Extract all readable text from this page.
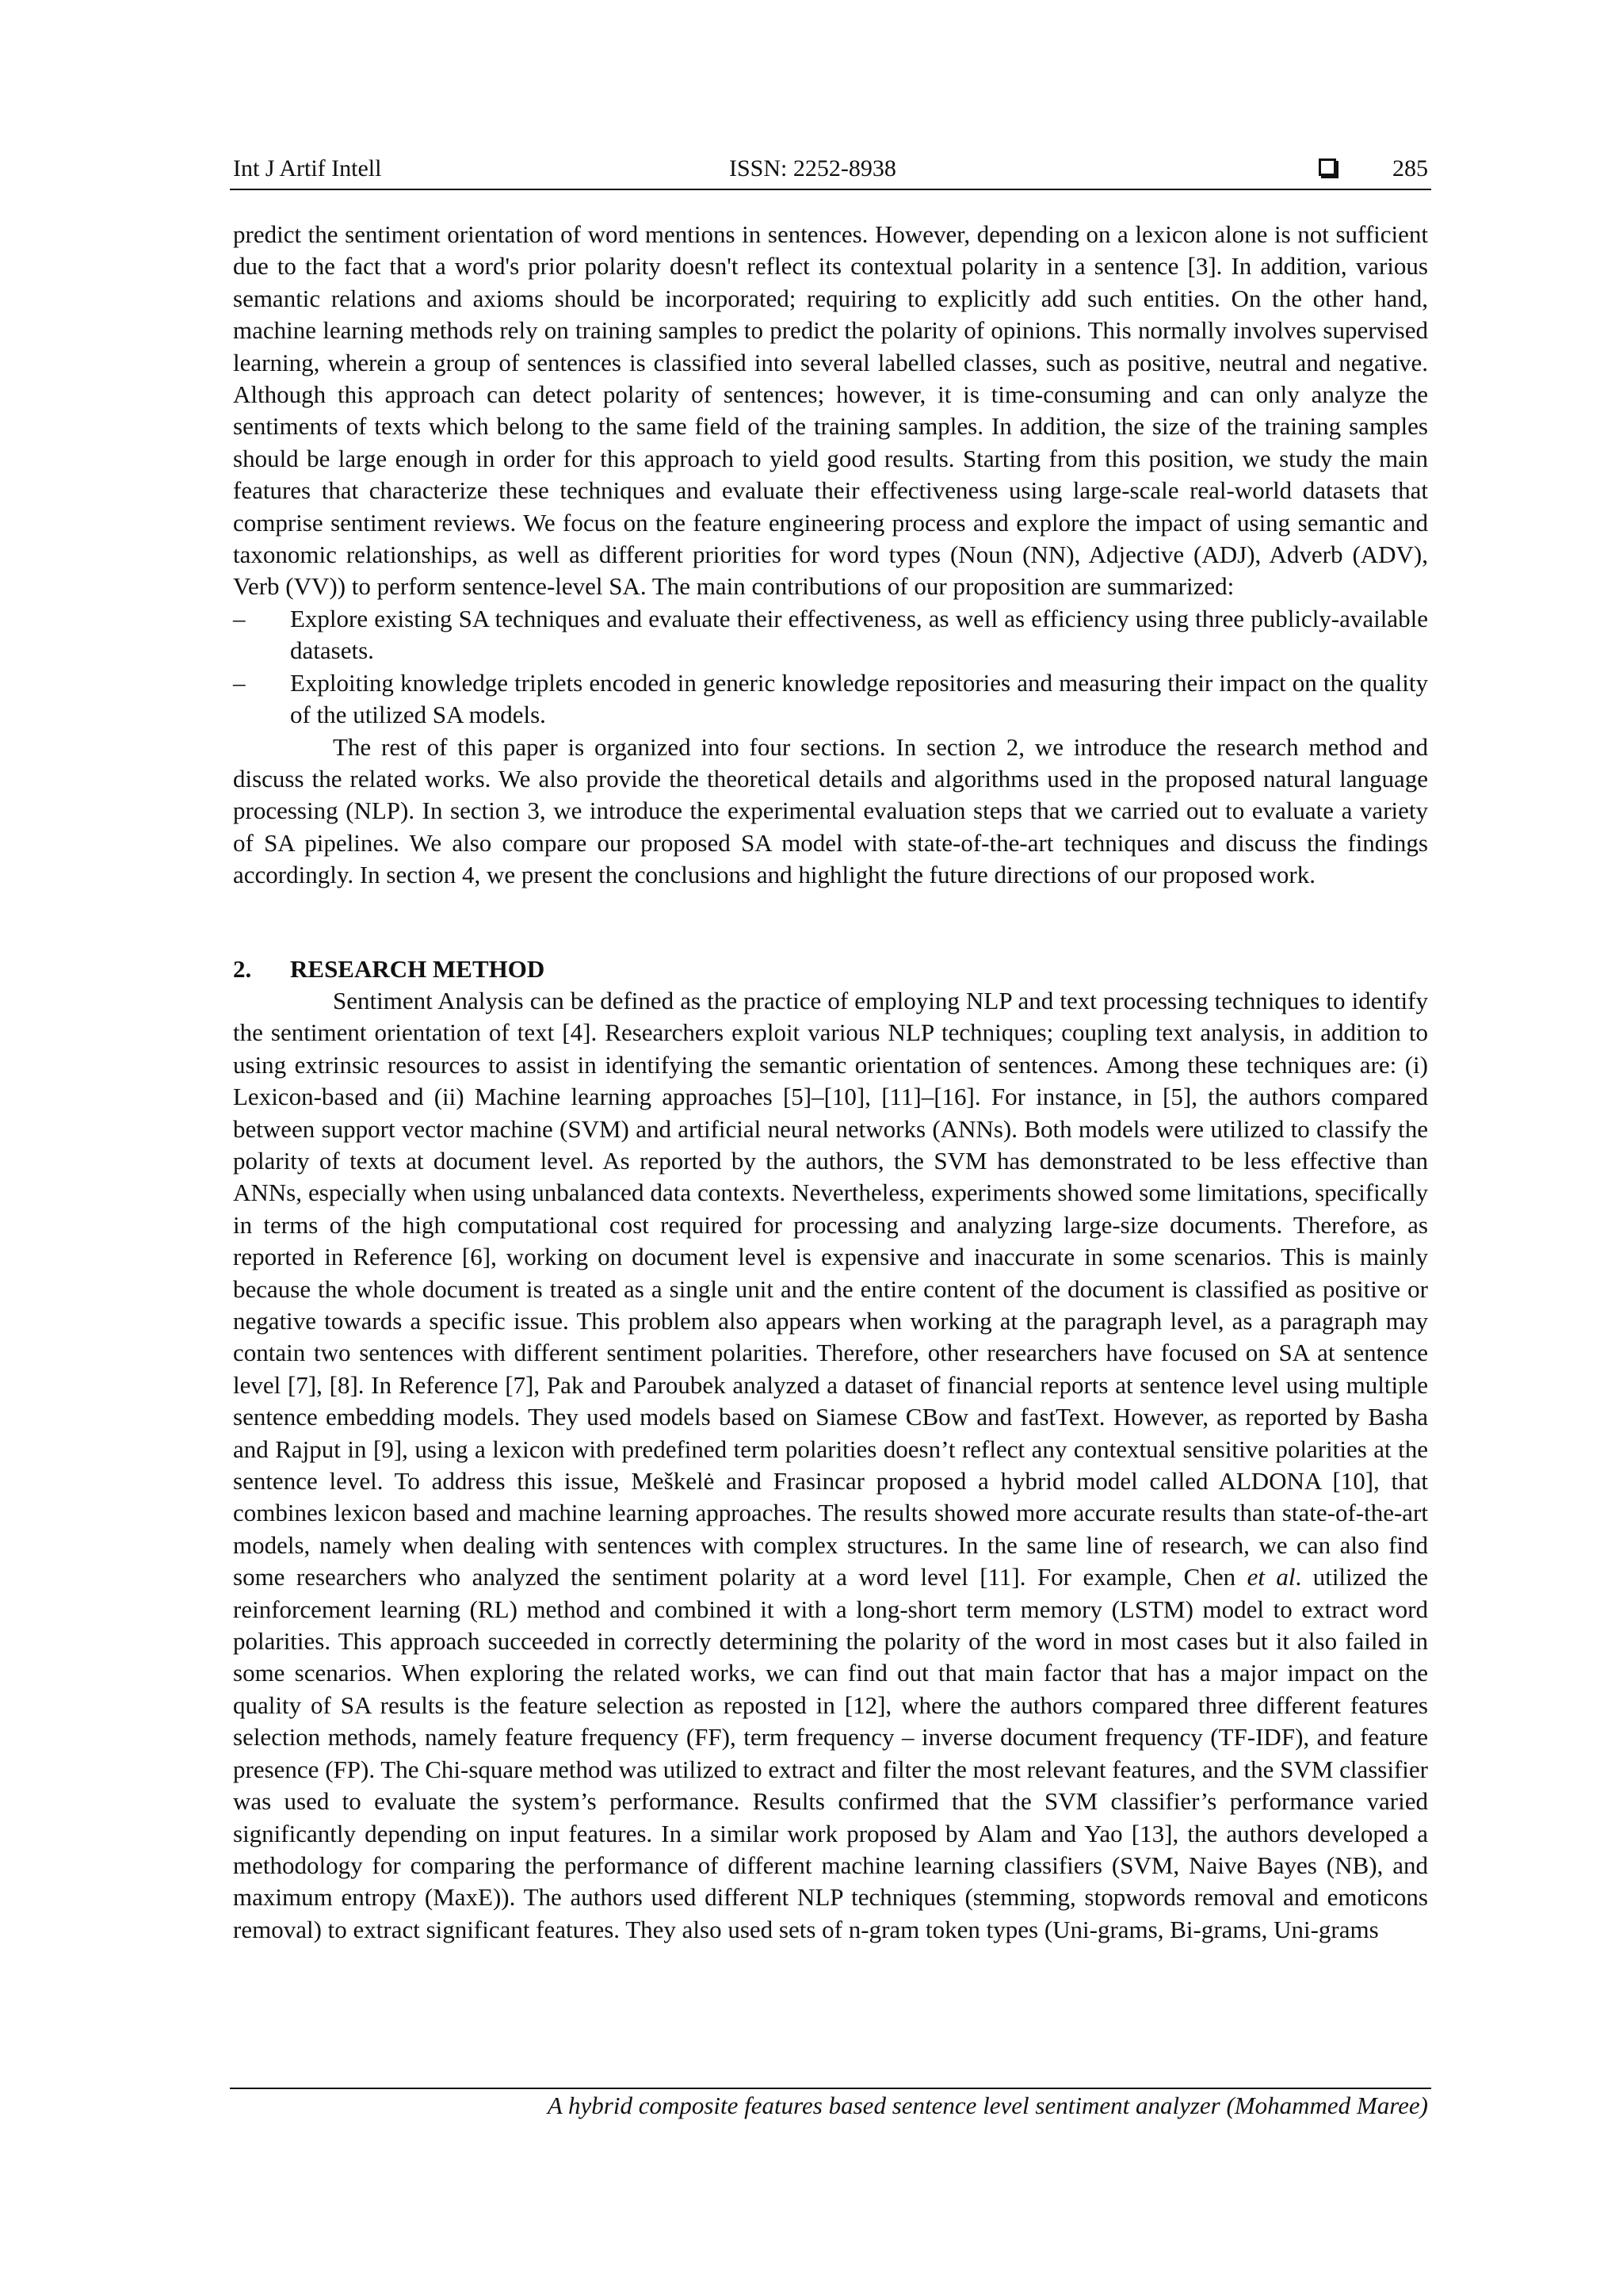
Int J Artif Intell	ISSN: 2252-8938	285

predict the sentiment orientation of word mentions in sentences. However, depending on a lexicon alone is not sufficient due to the fact that a word's prior polarity doesn't reflect its contextual polarity in a sentence [3]. In addition, various semantic relations and axioms should be incorporated; requiring to explicitly add such entities. On the other hand, machine learning methods rely on training samples to predict the polarity of opinions. This normally involves supervised learning, wherein a group of sentences is classified into several labelled classes, such as positive, neutral and negative. Although this approach can detect polarity of sentences; however, it is time-consuming and can only analyze the sentiments of texts which belong to the same field of the training samples. In addition, the size of the training samples should be large enough in order for this approach to yield good results. Starting from this position, we study the main features that characterize these techniques and evaluate their effectiveness using large-scale real-world datasets that comprise sentiment reviews. We focus on the feature engineering process and explore the impact of using semantic and taxonomic relationships, as well as different priorities for word types (Noun (NN), Adjective (ADJ), Adverb (ADV), Verb (VV)) to perform sentence-level SA. The main contributions of our proposition are summarized:

– Explore existing SA techniques and evaluate their effectiveness, as well as efficiency using three publicly-available datasets.
– Exploiting knowledge triplets encoded in generic knowledge repositories and measuring their impact on the quality of the utilized SA models.

The rest of this paper is organized into four sections. In section 2, we introduce the research method and discuss the related works. We also provide the theoretical details and algorithms used in the proposed natural language processing (NLP). In section 3, we introduce the experimental evaluation steps that we carried out to evaluate a variety of SA pipelines. We also compare our proposed SA model with state-of-the-art techniques and discuss the findings accordingly. In section 4, we present the conclusions and highlight the future directions of our proposed work.

2. RESEARCH METHOD

Sentiment Analysis can be defined as the practice of employing NLP and text processing techniques to identify the sentiment orientation of text [4]. Researchers exploit various NLP techniques; coupling text analysis, in addition to using extrinsic resources to assist in identifying the semantic orientation of sentences. Among these techniques are: (i) Lexicon-based and (ii) Machine learning approaches [5]–[10], [11]–[16]. For instance, in [5], the authors compared between support vector machine (SVM) and artificial neural networks (ANNs). Both models were utilized to classify the polarity of texts at document level. As reported by the authors, the SVM has demonstrated to be less effective than ANNs, especially when using unbalanced data contexts. Nevertheless, experiments showed some limitations, specifically in terms of the high computational cost required for processing and analyzing large-size documents. Therefore, as reported in Reference [6], working on document level is expensive and inaccurate in some scenarios. This is mainly because the whole document is treated as a single unit and the entire content of the document is classified as positive or negative towards a specific issue. This problem also appears when working at the paragraph level, as a paragraph may contain two sentences with different sentiment polarities. Therefore, other researchers have focused on SA at sentence level [7], [8]. In Reference [7], Pak and Paroubek analyzed a dataset of financial reports at sentence level using multiple sentence embedding models. They used models based on Siamese CBow and fastText. However, as reported by Basha and Rajput in [9], using a lexicon with predefined term polarities doesn’t reflect any contextual sensitive polarities at the sentence level. To address this issue, Meškelė and Frasincar proposed a hybrid model called ALDONA [10], that combines lexicon based and machine learning approaches. The results showed more accurate results than state-of-the-art models, namely when dealing with sentences with complex structures. In the same line of research, we can also find some researchers who analyzed the sentiment polarity at a word level [11]. For example, Chen et al. utilized the reinforcement learning (RL) method and combined it with a long-short term memory (LSTM) model to extract word polarities. This approach succeeded in correctly determining the polarity of the word in most cases but it also failed in some scenarios. When exploring the related works, we can find out that main factor that has a major impact on the quality of SA results is the feature selection as reposted in [12], where the authors compared three different features selection methods, namely feature frequency (FF), term frequency – inverse document frequency (TF-IDF), and feature presence (FP). The Chi-square method was utilized to extract and filter the most relevant features, and the SVM classifier was used to evaluate the system’s performance. Results confirmed that the SVM classifier’s performance varied significantly depending on input features. In a similar work proposed by Alam and Yao [13], the authors developed a methodology for comparing the performance of different machine learning classifiers (SVM, Naive Bayes (NB), and maximum entropy (MaxE)). The authors used different NLP techniques (stemming, stopwords removal and emoticons removal) to extract significant features. They also used sets of n-gram token types (Uni-grams, Bi-grams, Uni-grams

A hybrid composite features based sentence level sentiment analyzer (Mohammed Maree)
